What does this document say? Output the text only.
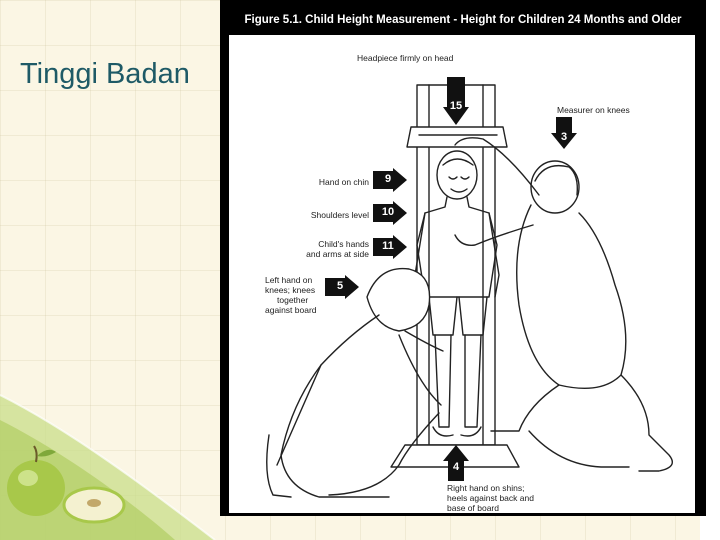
Tinggi Badan
Figure 5.1. Child Height Measurement - Height for Children 24 Months and Older
Headpiece firmly on head
15	Measurer on knees
3
Hand on chin	9
Shoulders level	10
Child's hands
and arms at side
11
Left hand on
knees; knees
together
against board
5
4
Right hand on shins;
heels against back and
base of board
